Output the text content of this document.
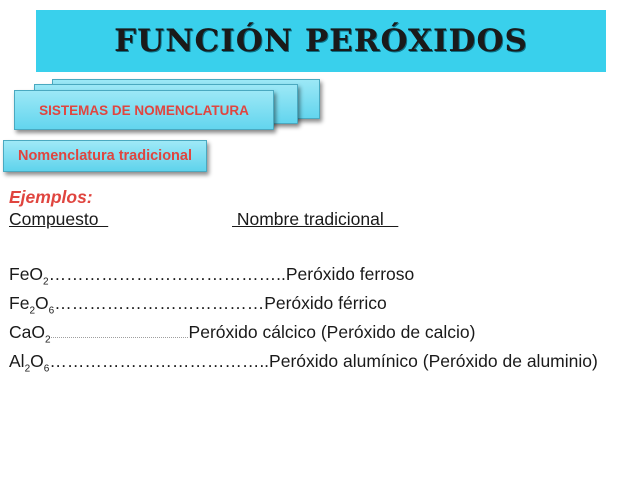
FUNCIÓN PERÓXIDOS
SISTEMAS DE NOMENCLATURA
Nomenclatura tradicional
Ejemplos:
Compuesto	Nombre tradicional
FeO$_2$…………………………………..Peróxido ferroso
$Fe_2O_6\dots\dots\dots\dots\dots\dots\dots\dots\dots\dots\dots\dots Peróxido$ férrico
CaO$_2$……………………………………………………………Peróxido cálcico (Peróxido de calcio)
$Al_2O_6\dots\dots\dots\dots\dots\dots\dots\dots\dots\dots\dots\dots..Peróxido$ alumínico (Peróxido de aluminio)
